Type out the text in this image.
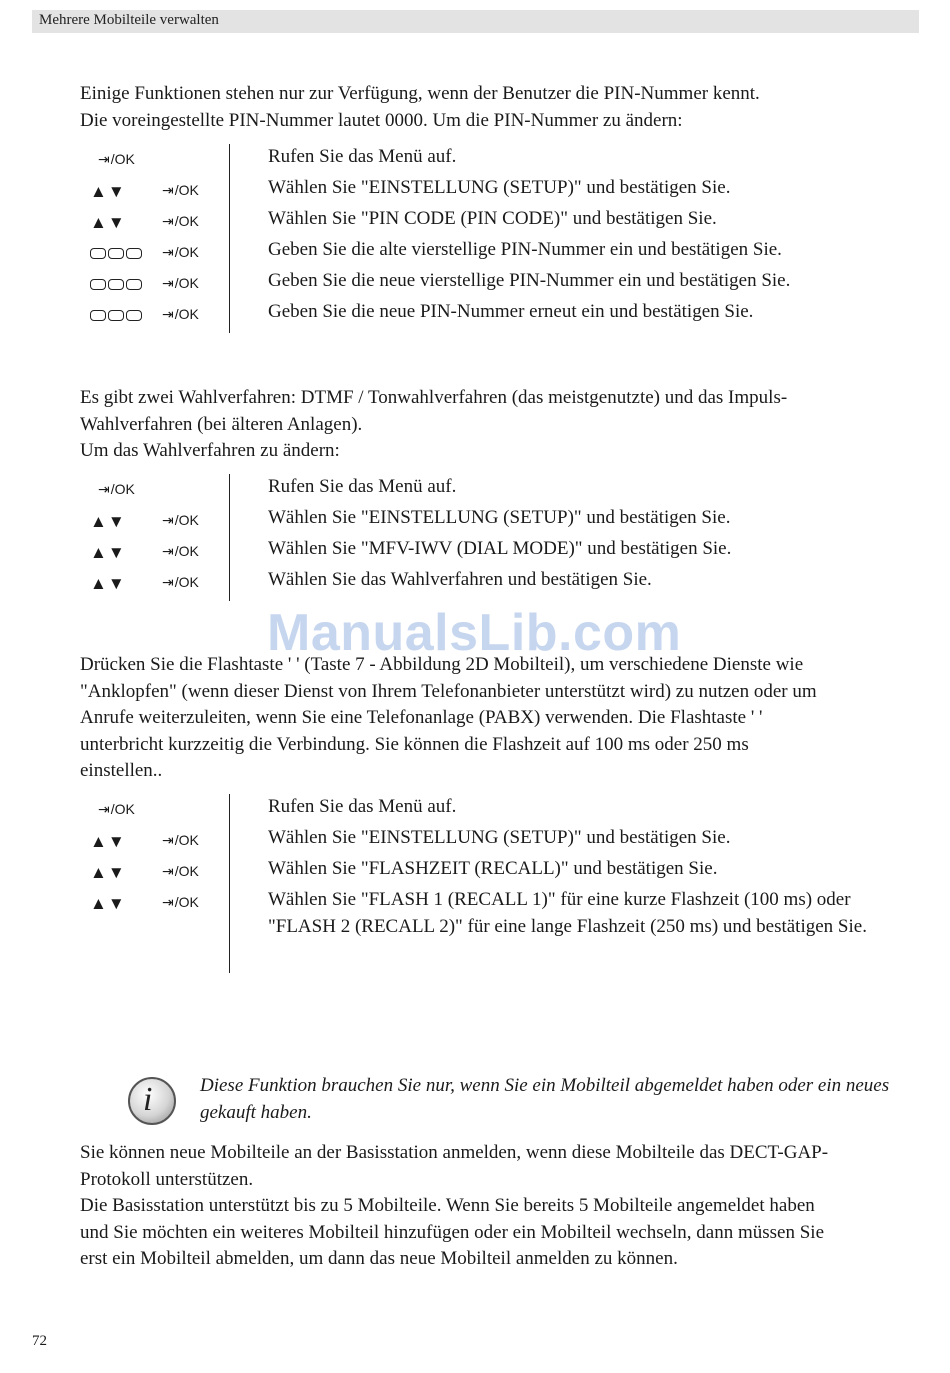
Mehrere Mobilteile verwalten
Einige Funktionen stehen nur zur Verfügung, wenn der Benutzer die PIN-Nummer kennt.
Die voreingestellte PIN-Nummer lautet 0000. Um die PIN-Nummer zu ändern:
⇥/OK	Rufen Sie das Menü auf.
▲▼	⇥/OK	Wählen Sie "EINSTELLUNG (SETUP)" und bestätigen Sie.
▲▼	⇥/OK	Wählen Sie "PIN CODE (PIN CODE)" und bestätigen Sie.
⇥/OK	Geben Sie die alte vierstellige PIN-Nummer ein und bestätigen Sie.
⇥/OK	Geben Sie die neue vierstellige PIN-Nummer ein und bestätigen Sie.
⇥/OK	Geben Sie die neue PIN-Nummer erneut ein und bestätigen Sie.
Es gibt zwei Wahlverfahren: DTMF / Tonwahlverfahren (das meistgenutzte) und das Impuls-
Wahlverfahren (bei älteren Anlagen).
Um das Wahlverfahren zu ändern:
⇥/OK	Rufen Sie das Menü auf.
▲▼	⇥/OK	Wählen Sie "EINSTELLUNG (SETUP)" und bestätigen Sie.
▲▼	⇥/OK	Wählen Sie "MFV-IWV (DIAL MODE)" und bestätigen Sie.
▲▼	⇥/OK	Wählen Sie das Wahlverfahren und bestätigen Sie.
ManualsLib.com
Drücken Sie die Flashtaste ' ' (Taste 7 - Abbildung 2D Mobilteil), um verschiedene Dienste wie
"Anklopfen" (wenn dieser Dienst von Ihrem Telefonanbieter unterstützt wird) zu nutzen oder um
Anrufe weiterzuleiten, wenn Sie eine Telefonanlage (PABX) verwenden. Die Flashtaste ' '
unterbricht kurzzeitig die Verbindung. Sie können die Flashzeit auf 100 ms oder 250 ms
einstellen..
⇥/OK	Rufen Sie das Menü auf.
▲▼	⇥/OK	Wählen Sie "EINSTELLUNG (SETUP)" und bestätigen Sie.
▲▼	⇥/OK	Wählen Sie "FLASHZEIT (RECALL)" und bestätigen Sie.
▲▼	⇥/OK	Wählen Sie "FLASH 1 (RECALL 1)" für eine kurze Flashzeit (100 ms) oder "FLASH 2 (RECALL 2)" für eine lange Flashzeit (250 ms) und bestätigen Sie.
i	Diese Funktion brauchen Sie nur, wenn Sie ein Mobilteil abgemeldet haben oder ein neues gekauft haben.
Sie können neue Mobilteile an der Basisstation anmelden, wenn diese Mobilteile das DECT-GAP-
Protokoll unterstützen.
Die Basisstation unterstützt bis zu 5 Mobilteile. Wenn Sie bereits 5 Mobilteile angemeldet haben
und Sie möchten ein weiteres Mobilteil hinzufügen oder ein Mobilteil wechseln, dann müssen Sie
erst ein Mobilteil abmelden, um dann das neue Mobilteil anmelden zu können.
72
